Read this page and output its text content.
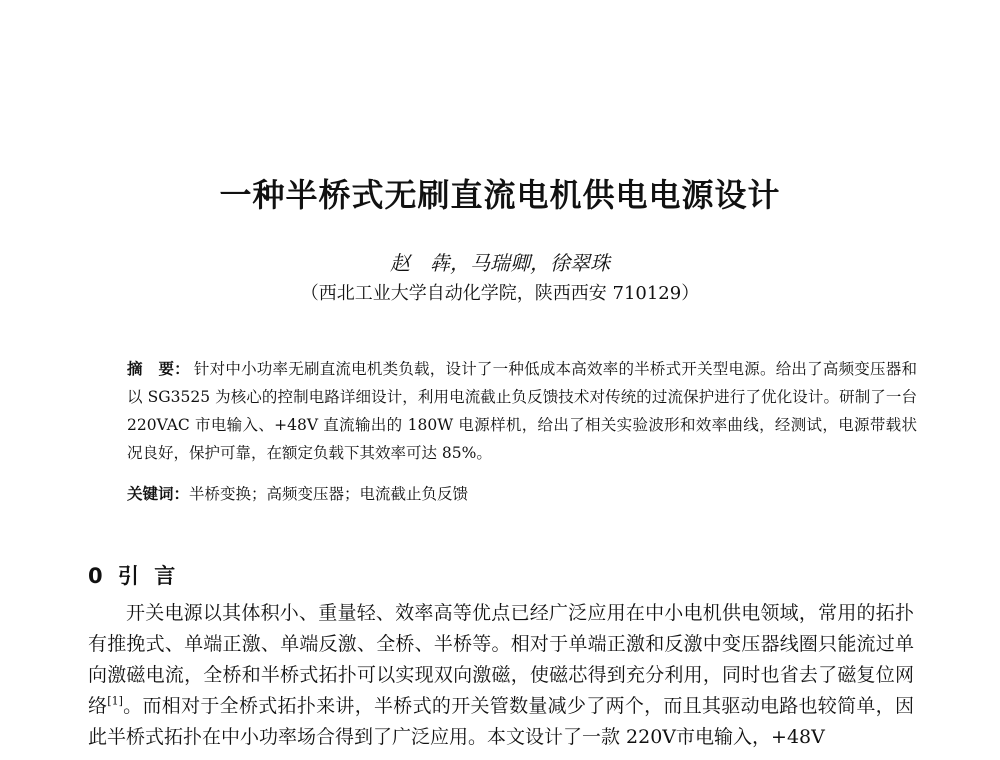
一种半桥式无刷直流电机供电电源设计
赵　犇，马瑞卿，徐翠珠
（西北工业大学自动化学院，陕西西安 710129）

摘　要： 针对中小功率无刷直流电机类负载，设计了一种低成本高效率的半桥式开关型电源。给出了高频变压器和以 SG3525 为核心的控制电路详细设计，利用电流截止负反馈技术对传统的过流保护进行了优化设计。研制了一台 220VAC 市电输入、+48V 直流输出的 180W 电源样机，给出了相关实验波形和效率曲线，经测试，电源带载状况良好，保护可靠，在额定负载下其效率可达 85%。

关键词：半桥变换；高频变压器；电流截止负反馈

0 引 言

开关电源以其体积小、重量轻、效率高等优点已经广泛应用在中小电机供电领域，常用的拓扑有推挽式、单端正激、单端反激、全桥、半桥等。相对于单端正激和反激中变压器线圈只能流过单向激磁电流，全桥和半桥式拓扑可以实现双向激磁，使磁芯得到充分利用，同时也省去了磁复位网络[1]。而相对于全桥式拓扑来讲，半桥式的开关管数量减少了两个，而且其驱动电路也较简单，因此半桥式拓扑在中小功率场合得到了广泛应用。本文设计了一款 220V市电输入，+48V
